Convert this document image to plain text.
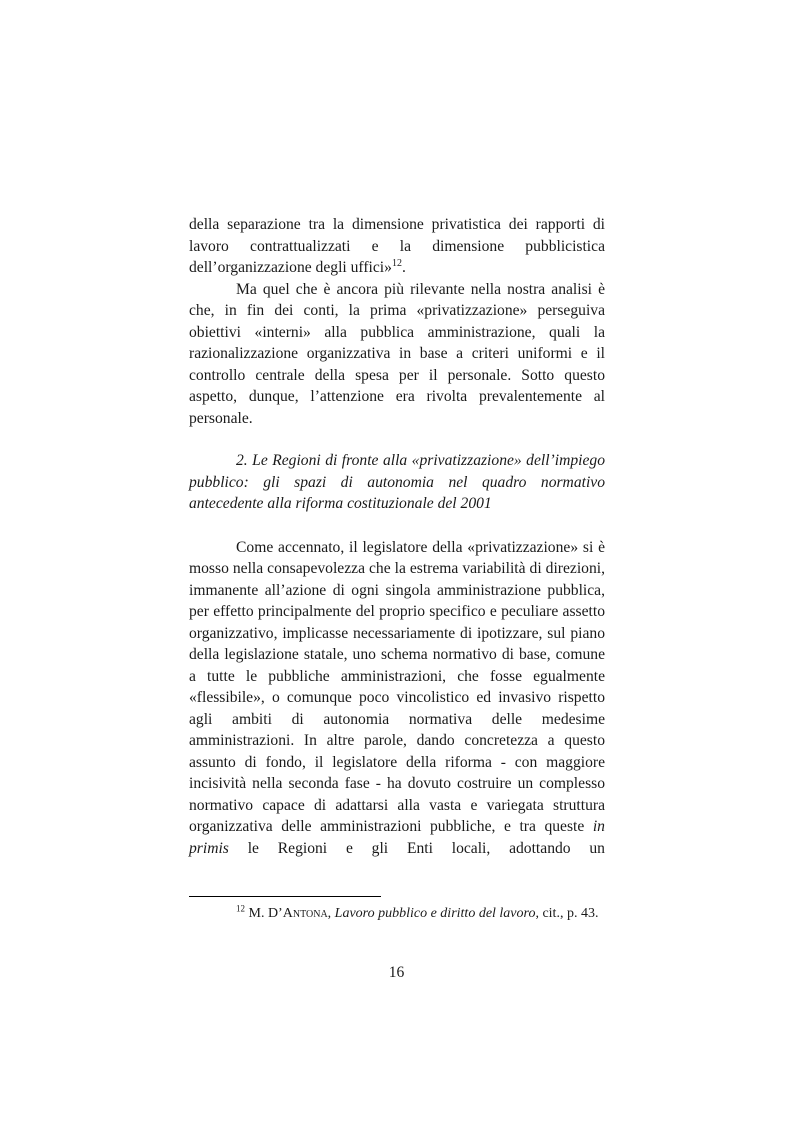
della separazione tra la dimensione privatistica dei rapporti di lavoro contrattualizzati e la dimensione pubblicistica dell’organizzazione degli uffici»$^{12}$.

Ma quel che è ancora più rilevante nella nostra analisi è che, in fin dei conti, la prima «privatizzazione» perseguiva obiettivi «interni» alla pubblica amministrazione, quali la razionalizzazione organizzativa in base a criteri uniformi e il controllo centrale della spesa per il personale. Sotto questo aspetto, dunque, l’attenzione era rivolta prevalentemente al personale.

2. Le Regioni di fronte alla «privatizzazione» dell’impiego pubblico: gli spazi di autonomia nel quadro normativo antecedente alla riforma costituzionale del 2001

Come accennato, il legislatore della «privatizzazione» si è mosso nella consapevolezza che la estrema variabilità di direzioni, immanente all’azione di ogni singola amministrazione pubblica, per effetto principalmente del proprio specifico e peculiare assetto organizzativo, implicasse necessariamente di ipotizzare, sul piano della legislazione statale, uno schema normativo di base, comune a tutte le pubbliche amministrazioni, che fosse egualmente «flessibile», o comunque poco vincolistico ed invasivo rispetto agli ambiti di autonomia normativa delle medesime amministrazioni. In altre parole, dando concretezza a questo assunto di fondo, il legislatore della riforma - con maggiore incisività nella seconda fase - ha dovuto costruire un complesso normativo capace di adattarsi alla vasta e variegata struttura organizzativa delle amministrazioni pubbliche, e tra queste in primis le Regioni e gli Enti locali, adottando un

$^{12}$ M. D’Antona, Lavoro pubblico e diritto del lavoro, cit., p. 43.

16
